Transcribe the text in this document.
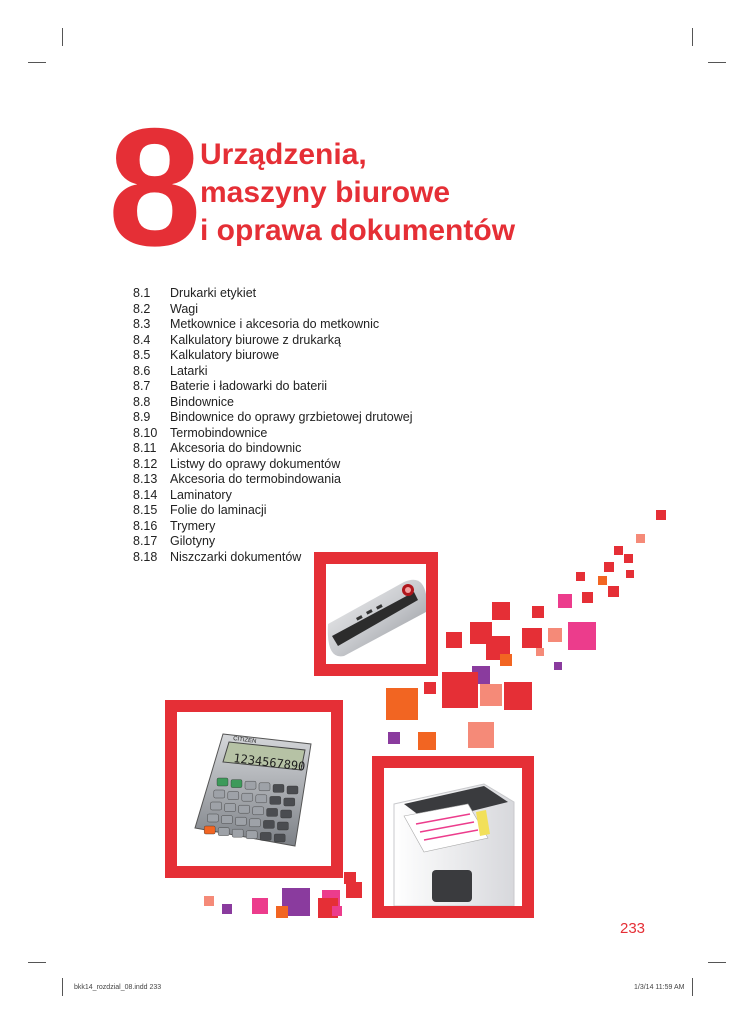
8 Urządzenia,
maszyny biurowe
i oprawa dokumentów
8.1	Drukarki etykiet
8.2	Wagi
8.3	Metkownice i akcesoria do metkownic
8.4	Kalkulatory biurowe z drukarką
8.5	Kalkulatory biurowe
8.6	Latarki
8.7	Baterie i ładowarki do baterii
8.8	Bindownice
8.9	Bindownice do oprawy grzbietowej drutowej
8.10	Termobindownice
8.11	Akcesoria do bindownic
8.12	Listwy do oprawy dokumentów
8.13	Akcesoria do termobindowania
8.14	Laminatory
8.15	Folie do laminacji
8.16	Trymery
8.17	Gilotyny
8.18	Niszczarki dokumentów
1234567890
CITIZEN
233
bkk14_rozdzial_08.indd 233	1/3/14 11:59 AM
